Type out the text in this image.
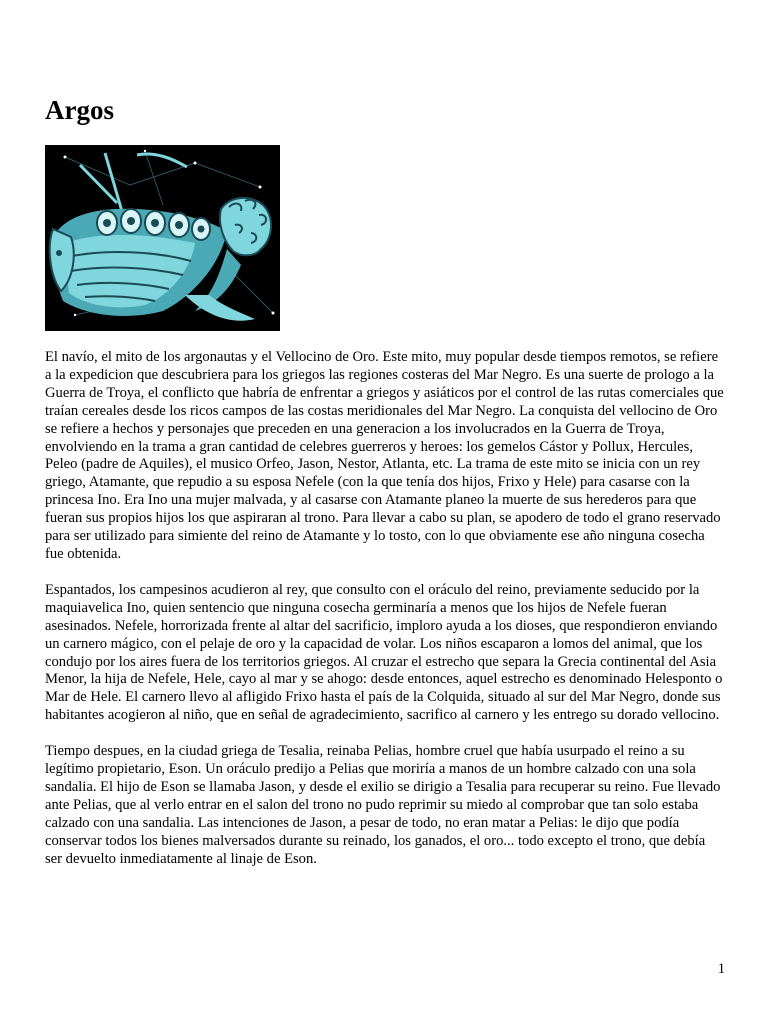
Argos

El navío, el mito de los argonautas y el Vellocino de Oro. Este mito, muy popular desde tiempos remotos, se refiere a la expedicion que descubriera para los griegos las regiones costeras del Mar Negro. Es una suerte de prologo a la Guerra de Troya, el conflicto que habría de enfrentar a griegos y asiáticos por el control de las rutas comerciales que traían cereales desde los ricos campos de las costas meridionales del Mar Negro. La conquista del vellocino de Oro se refiere a hechos y personajes que preceden en una generacion a los involucrados en la Guerra de Troya, envolviendo en la trama a gran cantidad de celebres guerreros y heroes: los gemelos Cástor y Pollux, Hercules, Peleo (padre de Aquiles), el musico Orfeo, Jason, Nestor, Atlanta, etc. La trama de este mito se inicia con un rey griego, Atamante, que repudio a su esposa Nefele (con la que tenía dos hijos, Frixo y Hele) para casarse con la princesa Ino. Era Ino una mujer malvada, y al casarse con Atamante planeo la muerte de sus herederos para que fueran sus propios hijos los que aspiraran al trono. Para llevar a cabo su plan, se apodero de todo el grano reservado para ser utilizado para simiente del reino de Atamante y lo tosto, con lo que obviamente ese año ninguna cosecha fue obtenida.

Espantados, los campesinos acudieron al rey, que consulto con el oráculo del reino, previamente seducido por la maquiavelica Ino, quien sentencio que ninguna cosecha germinaría a menos que los hijos de Nefele fueran asesinados. Nefele, horrorizada frente al altar del sacrificio, imploro ayuda a los dioses, que respondieron enviando un carnero mágico, con el pelaje de oro y la capacidad de volar. Los niños escaparon a lomos del animal, que los condujo por los aires fuera de los territorios griegos. Al cruzar el estrecho que separa la Grecia continental del Asia Menor, la hija de Nefele, Hele, cayo al mar y se ahogo: desde entonces, aquel estrecho es denominado Helesponto o Mar de Hele. El carnero llevo al afligido Frixo hasta el país de la Colquida, situado al sur del Mar Negro, donde sus habitantes acogieron al niño, que en señal de agradecimiento, sacrifico al carnero y les entrego su dorado vellocino.

Tiempo despues, en la ciudad griega de Tesalia, reinaba Pelias, hombre cruel que había usurpado el reino a su legítimo propietario, Eson. Un oráculo predijo a Pelias que moriría a manos de un hombre calzado con una sola sandalia. El hijo de Eson se llamaba Jason, y desde el exilio se dirigio a Tesalia para recuperar su reino. Fue llevado ante Pelias, que al verlo entrar en el salon del trono no pudo reprimir su miedo al comprobar que tan solo estaba calzado con una sandalia. Las intenciones de Jason, a pesar de todo, no eran matar a Pelias: le dijo que podía conservar todos los bienes malversados durante su reinado, los ganados, el oro... todo excepto el trono, que debía ser devuelto inmediatamente al linaje de Eson.

1
